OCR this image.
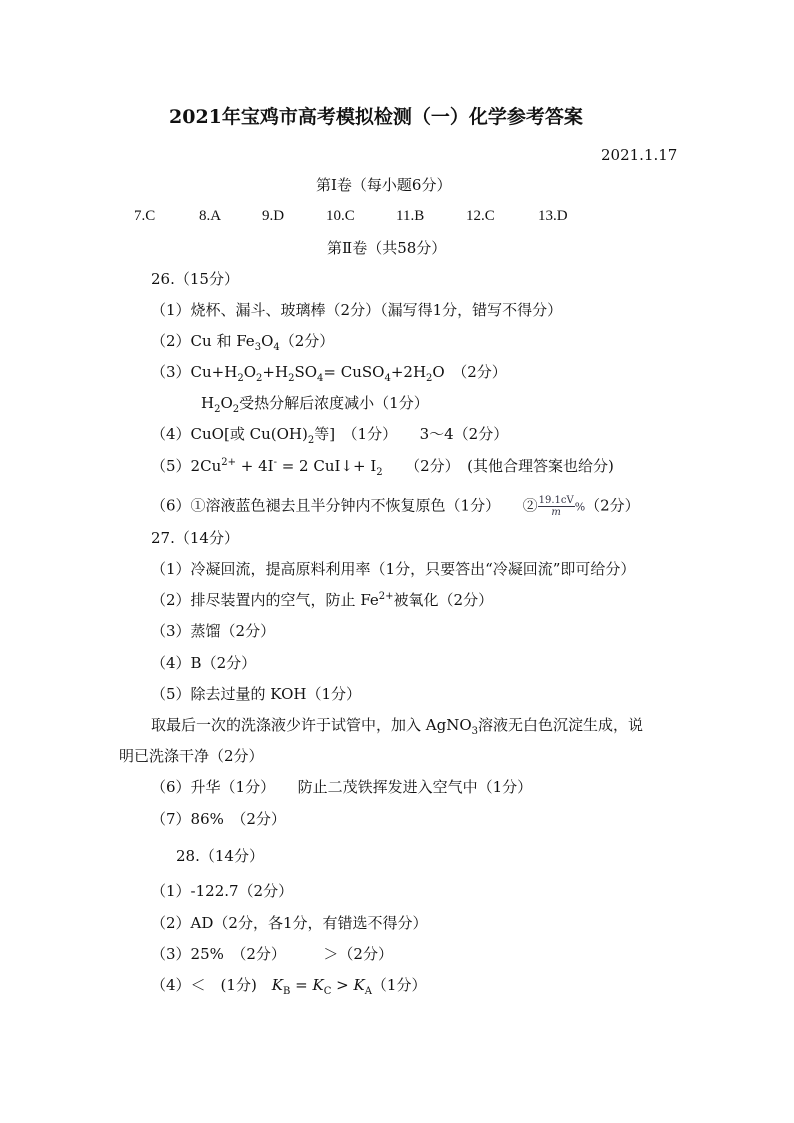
2021年宝鸡市高考模拟检测（一）化学参考答案
2021.1.17
第Ⅰ卷（每小题6分）
7.C	8.A	9.D	10.C	11.B	12.C	13.D
第Ⅱ卷（共58分）
26.（15分）
（1）烧杯、漏斗、玻璃棒（2分）（漏写得1分，错写不得分）
（2）Cu 和 $Fe_3O_4(2$分）
$(3)Cu+H_2O_2+H_2SO_4=$ $CuSO_4+2H_2O$　（2分）
$H_2O_2$受热分解后浓度减小（1分）
（4）CuO[或 $Cu(OH)_2$等]　（1分）　　3～4（2分）
$(5)2Cu^{2+} + 4I^- = 2$ CuI↓+ $I_2$　　（2分）　(其他合理答案也给分)
（6）①溶液蓝色褪去且半分钟内不恢复原色（1分）　　② $\frac{19.1cV}{m} \%(2$分）
27.（14分）
（1）冷凝回流，提高原料利用率（1分，只要答出“冷凝回流”即可给分）
（2）排尽装置内的空气，防止 $Fe^{2+}$被氧化（2分）
（3）蒸馏（2分）
（4）B（2分）
（5）除去过量的 KOH（1分）
取最后一次的洗涤液少许于试管中，加入 AgNO$_3$溶液无白色沉淀生成，说
明已洗涤干净（2分）
（6）升华（1分）　　防止二茂铁挥发进入空气中（1分）
（7）86%　（2分）
28.（14分）
（1）-122.7（2分）
（2）AD（2分，各1分，有错选不得分）
（3）25%　（2分）　　　＞（2分）
（4）＜　(1分)　$K_B = K_C > K_A(1$分）
